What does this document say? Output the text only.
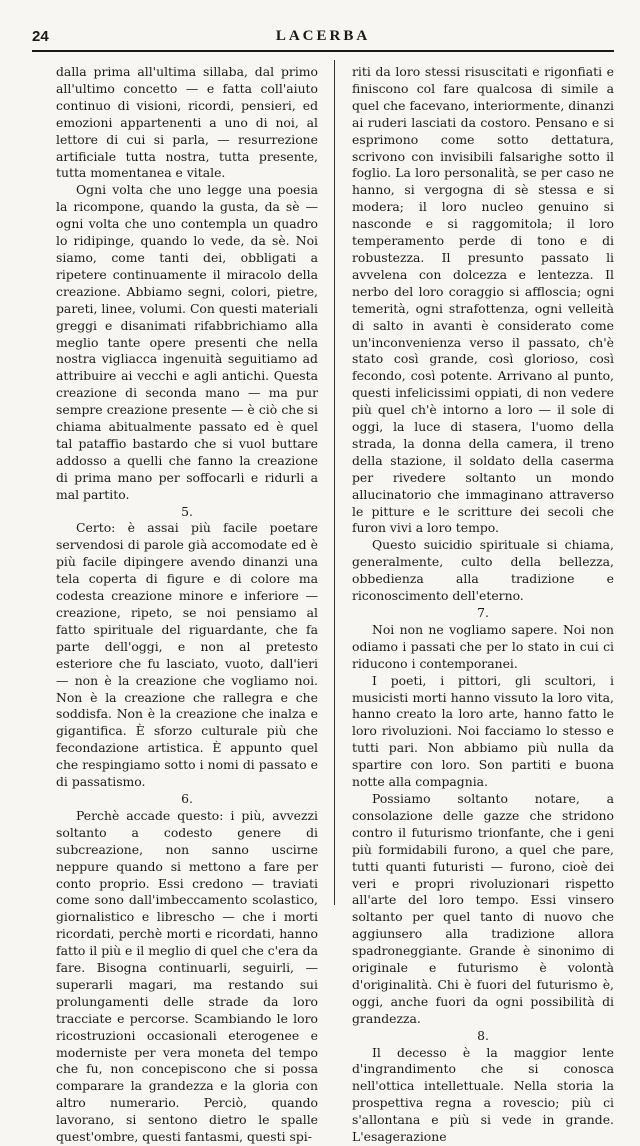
24	LACERBA

dalla prima all'ultima sillaba, dal primo all'ultimo concetto — e fatta coll'aiuto continuo di visioni, ricordi, pensieri, ed emozioni appartenenti a uno di noi, al lettore di cui si parla, — resurrezione artificiale tutta nostra, tutta presente, tutta momentanea e vitale.

Ogni volta che uno legge una poesia la ricompone, quando la gusta, da sè — ogni volta che uno contempla un quadro lo ridipinge, quando lo vede, da sè. Noi siamo, come tanti dei, obbligati a ripetere continuamente il miracolo della creazione. Abbiamo segni, colori, pietre, pareti, linee, volumi. Con questi materiali greggi e disanimati rifabbrichiamo alla meglio tante opere presenti che nella nostra vigliacca ingenuità seguitiamo ad attribuire ai vecchi e agli antichi. Questa creazione di seconda mano — ma pur sempre creazione presente — è ciò che si chiama abitualmente passato ed è quel tal pataffio bastardo che si vuol buttare addosso a quelli che fanno la creazione di prima mano per soffocarli e ridurli a mal partito.

5.

Certo: è assai più facile poetare servendosi di parole già accomodate ed è più facile dipingere avendo dinanzi una tela coperta di figure e di colore ma codesta creazione minore e inferiore — creazione, ripeto, se noi pensiamo al fatto spirituale del riguardante, che fa parte dell'oggi, e non al pretesto esteriore che fu lasciato, vuoto, dall'ieri — non è la creazione che vogliamo noi. Non è la creazione che rallegra e che soddisfa. Non è la creazione che inalza e gigantifica. È sforzo culturale più che fecondazione artistica. È appunto quel che respingiamo sotto i nomi di passato e di passatismo.

6.

Perchè accade questo: i più, avvezzi soltanto a codesto genere di subcreazione, non sanno uscirne neppure quando si mettono a fare per conto proprio. Essi credono — traviati come sono dall'imbeccamento scolastico, giornalistico e librescho — che i morti ricordati, perchè morti e ricordati, hanno fatto il più e il meglio di quel che c'era da fare. Bisogna continuarli, seguirli, — superarli magari, ma restando sui prolungamenti delle strade da loro tracciate e percorse. Scambiando le loro ricostruzioni occasionali eterogenee e moderniste per vera moneta del tempo che fu, non concepiscono che si possa comparare la grandezza e la gloria con altro numerario. Perciò, quando lavorano, si sentono dietro le spalle quest'ombre, questi fantasmi, questi spi-

riti da loro stessi risuscitati e rigonfiati e finiscono col fare qualcosa di simile a quel che facevano, interiormente, dinanzi ai ruderi lasciati da costoro. Pensano e si esprimono come sotto dettatura, scrivono con invisibili falsarighe sotto il foglio. La loro personalità, se per caso ne hanno, si vergogna di sè stessa e si modera; il loro nucleo genuino si nasconde e si raggomitola; il loro temperamento perde di tono e di robustezza. Il presunto passato li avvelena con dolcezza e lentezza. Il nerbo del loro coraggio si affloscia; ogni temerità, ogni strafottenza, ogni velleità di salto in avanti è considerato come un'inconvenienza verso il passato, ch'è stato così grande, così glorioso, così fecondo, così potente. Arrivano al punto, questi infelicissimi oppiati, di non vedere più quel ch'è intorno a loro — il sole di oggi, la luce di stasera, l'uomo della strada, la donna della camera, il treno della stazione, il soldato della caserma per rivedere soltanto un mondo allucinatorio che immaginano attraverso le pitture e le scritture dei secoli che furon vivi a loro tempo.

Questo suicidio spirituale si chiama, generalmente, culto della bellezza, obbedienza alla tradizione e riconoscimento dell'eterno.

7.

Noi non ne vogliamo sapere. Noi non odiamo i passati che per lo stato in cui ci riducono i contemporanei.

I poeti, i pittori, gli scultori, i musicisti morti hanno vissuto la loro vita, hanno creato la loro arte, hanno fatto le loro rivoluzioni. Noi facciamo lo stesso e tutti pari. Non abbiamo più nulla da spartire con loro. Son partiti e buona notte alla compagnia.

Possiamo soltanto notare, a consolazione delle gazze che stridono contro il futurismo trionfante, che i geni più formidabili furono, a quel che pare, tutti quanti futuristi — furono, cioè dei veri e propri rivoluzionari rispetto all'arte del loro tempo. Essi vinsero soltanto per quel tanto di nuovo che aggiunsero alla tradizione allora spadroneggiante. Grande è sinonimo di originale e futurismo è volontà d'originalità. Chi è fuori del futurismo è, oggi, anche fuori da ogni possibilità di grandezza.

8.

Il decesso è la maggior lente d'ingrandimento che si conosca nell'ottica intellettuale. Nella storia la prospettiva regna a rovescio; più ci s'allontana e più si vede in grande. L'esagerazione
